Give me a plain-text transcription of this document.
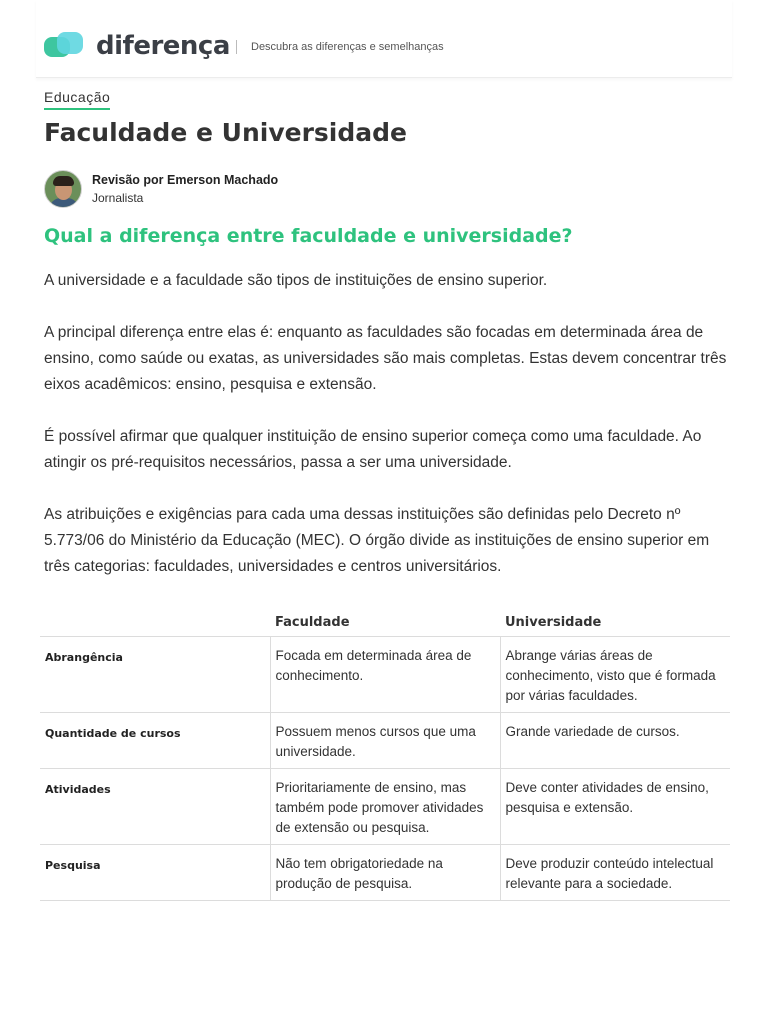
diferença	Descubra as diferenças e semelhanças
Educação
Faculdade e Universidade
Revisão por Emerson Machado
Jornalista
Qual a diferença entre faculdade e universidade?

A universidade e a faculdade são tipos de instituições de ensino superior.

A principal diferença entre elas é: enquanto as faculdades são focadas em determinada área de ensino, como saúde ou exatas, as universidades são mais completas. Estas devem concentrar três eixos acadêmicos: ensino, pesquisa e extensão.

É possível afirmar que qualquer instituição de ensino superior começa como uma faculdade. Ao atingir os pré-requisitos necessários, passa a ser uma universidade.

As atribuições e exigências para cada uma dessas instituições são definidas pelo Decreto nº 5.773/06 do Ministério da Educação (MEC). O órgão divide as instituições de ensino superior em três categorias: faculdades, universidades e centros universitários.

	Faculdade	Universidade
Abrangência	Focada em determinada área de conhecimento.	Abrange várias áreas de conhecimento, visto que é formada por várias faculdades.
Quantidade de cursos	Possuem menos cursos que uma universidade.	Grande variedade de cursos.
Atividades	Prioritariamente de ensino, mas também pode promover atividades de extensão ou pesquisa.	Deve conter atividades de ensino, pesquisa e extensão.
Pesquisa	Não tem obrigatoriedade na produção de pesquisa.	Deve produzir conteúdo intelectual relevante para a sociedade.
